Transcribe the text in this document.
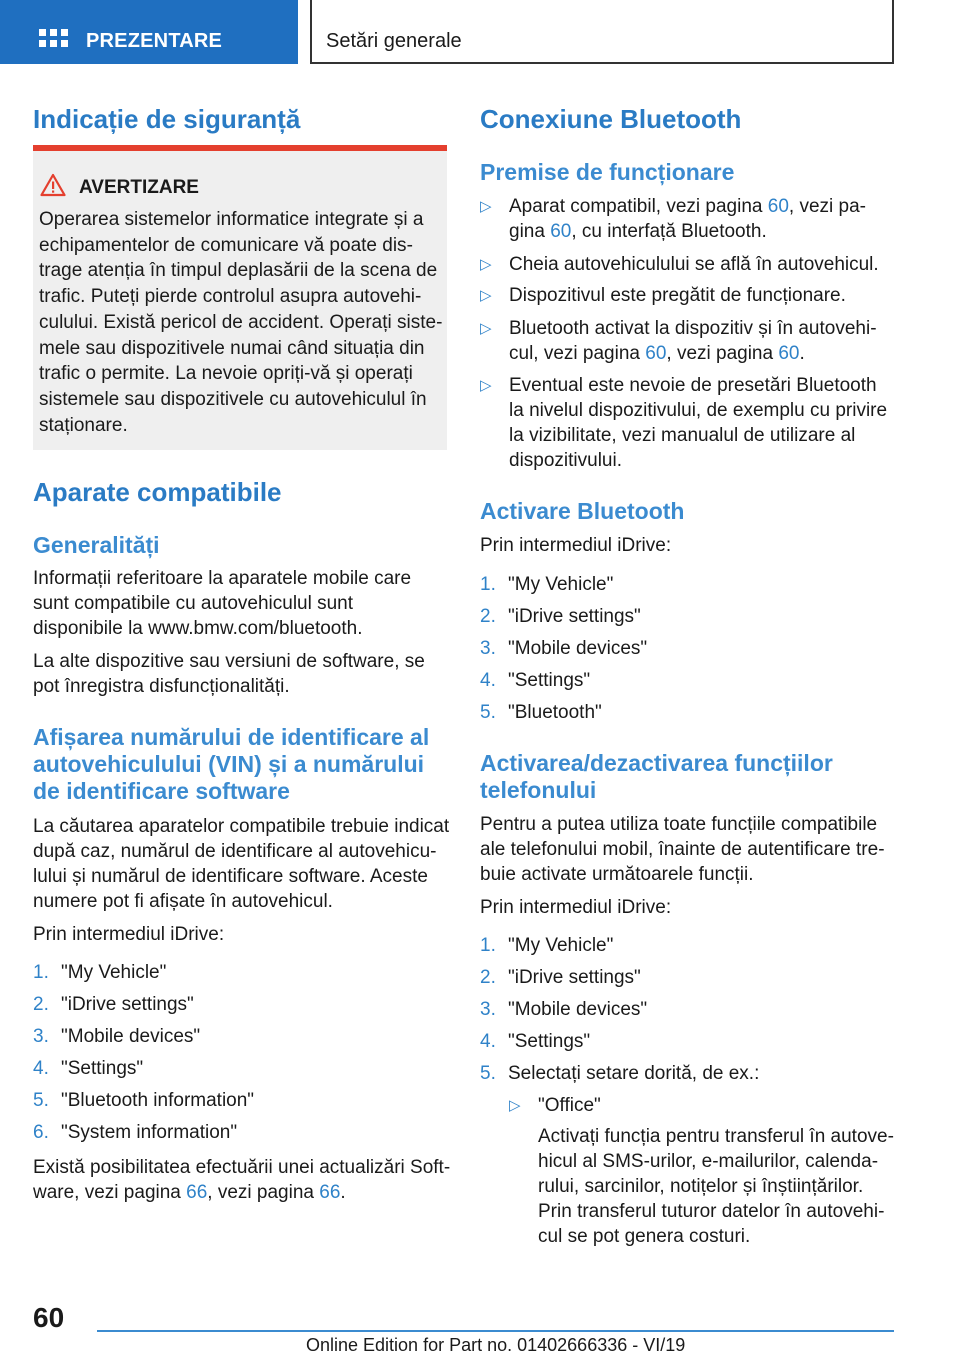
PREZENTARE	Setări generale
Indicație de siguranță
AVERTIZARE
Operarea sistemelor informatice integrate și a echipamentelor de comunicare vă poate distrage atenția în timpul deplasării de la scena de trafic. Puteți pierde controlul asupra autovehiculului. Există pericol de accident. Operați sistemele sau dispozitivele numai când situația din trafic o permite. La nevoie opriți-vă și operați sistemele sau dispozitivele cu autovehiculul în staționare.
Aparate compatibile
Generalități
Informații referitoare la aparatele mobile care sunt compatibile cu autovehiculul sunt disponibile la www.bmw.com/bluetooth.
La alte dispozitive sau versiuni de software, se pot înregistra disfuncționalități.
Afișarea numărului de identificare al autovehiculului (VIN) și a numărului de identificare software
La căutarea aparatelor compatibile trebuie indicat după caz, numărul de identificare al autovehiculului și numărul de identificare software. Aceste numere pot fi afișate în autovehicul.
Prin intermediul iDrive:
1. "My Vehicle"
2. "iDrive settings"
3. "Mobile devices"
4. "Settings"
5. "Bluetooth information"
6. "System information"
Există posibilitatea efectuării unei actualizări Software, vezi pagina 66, vezi pagina 66.
Conexiune Bluetooth
Premise de funcționare
▷ Aparat compatibil, vezi pagina 60, vezi pagina 60, cu interfață Bluetooth.
▷ Cheia autovehiculului se află în autovehicul.
▷ Dispozitivul este pregătit de funcționare.
▷ Bluetooth activat la dispozitiv și în autovehicul, vezi pagina 60, vezi pagina 60.
▷ Eventual este nevoie de presetări Bluetooth la nivelul dispozitivului, de exemplu cu privire la vizibilitate, vezi manualul de utilizare al dispozitivului.
Activare Bluetooth
Prin intermediul iDrive:
1. "My Vehicle"
2. "iDrive settings"
3. "Mobile devices"
4. "Settings"
5. "Bluetooth"
Activarea/dezactivarea funcțiilor telefonului
Pentru a putea utiliza toate funcțiile compatibile ale telefonului mobil, înainte de autentificare trebuie activate următoarele funcții.
Prin intermediul iDrive:
1. "My Vehicle"
2. "iDrive settings"
3. "Mobile devices"
4. "Settings"
5. Selectați setare dorită, de ex.:
▷ "Office"
Activați funcția pentru transferul în autovehicul al SMS-urilor, e-mailurilor, calendarului, sarcinilor, notițelor și înștiințărilor. Prin transferul tuturor datelor în autovehicul se pot genera costuri.
60
Online Edition for Part no. 01402666336 - VI/19
